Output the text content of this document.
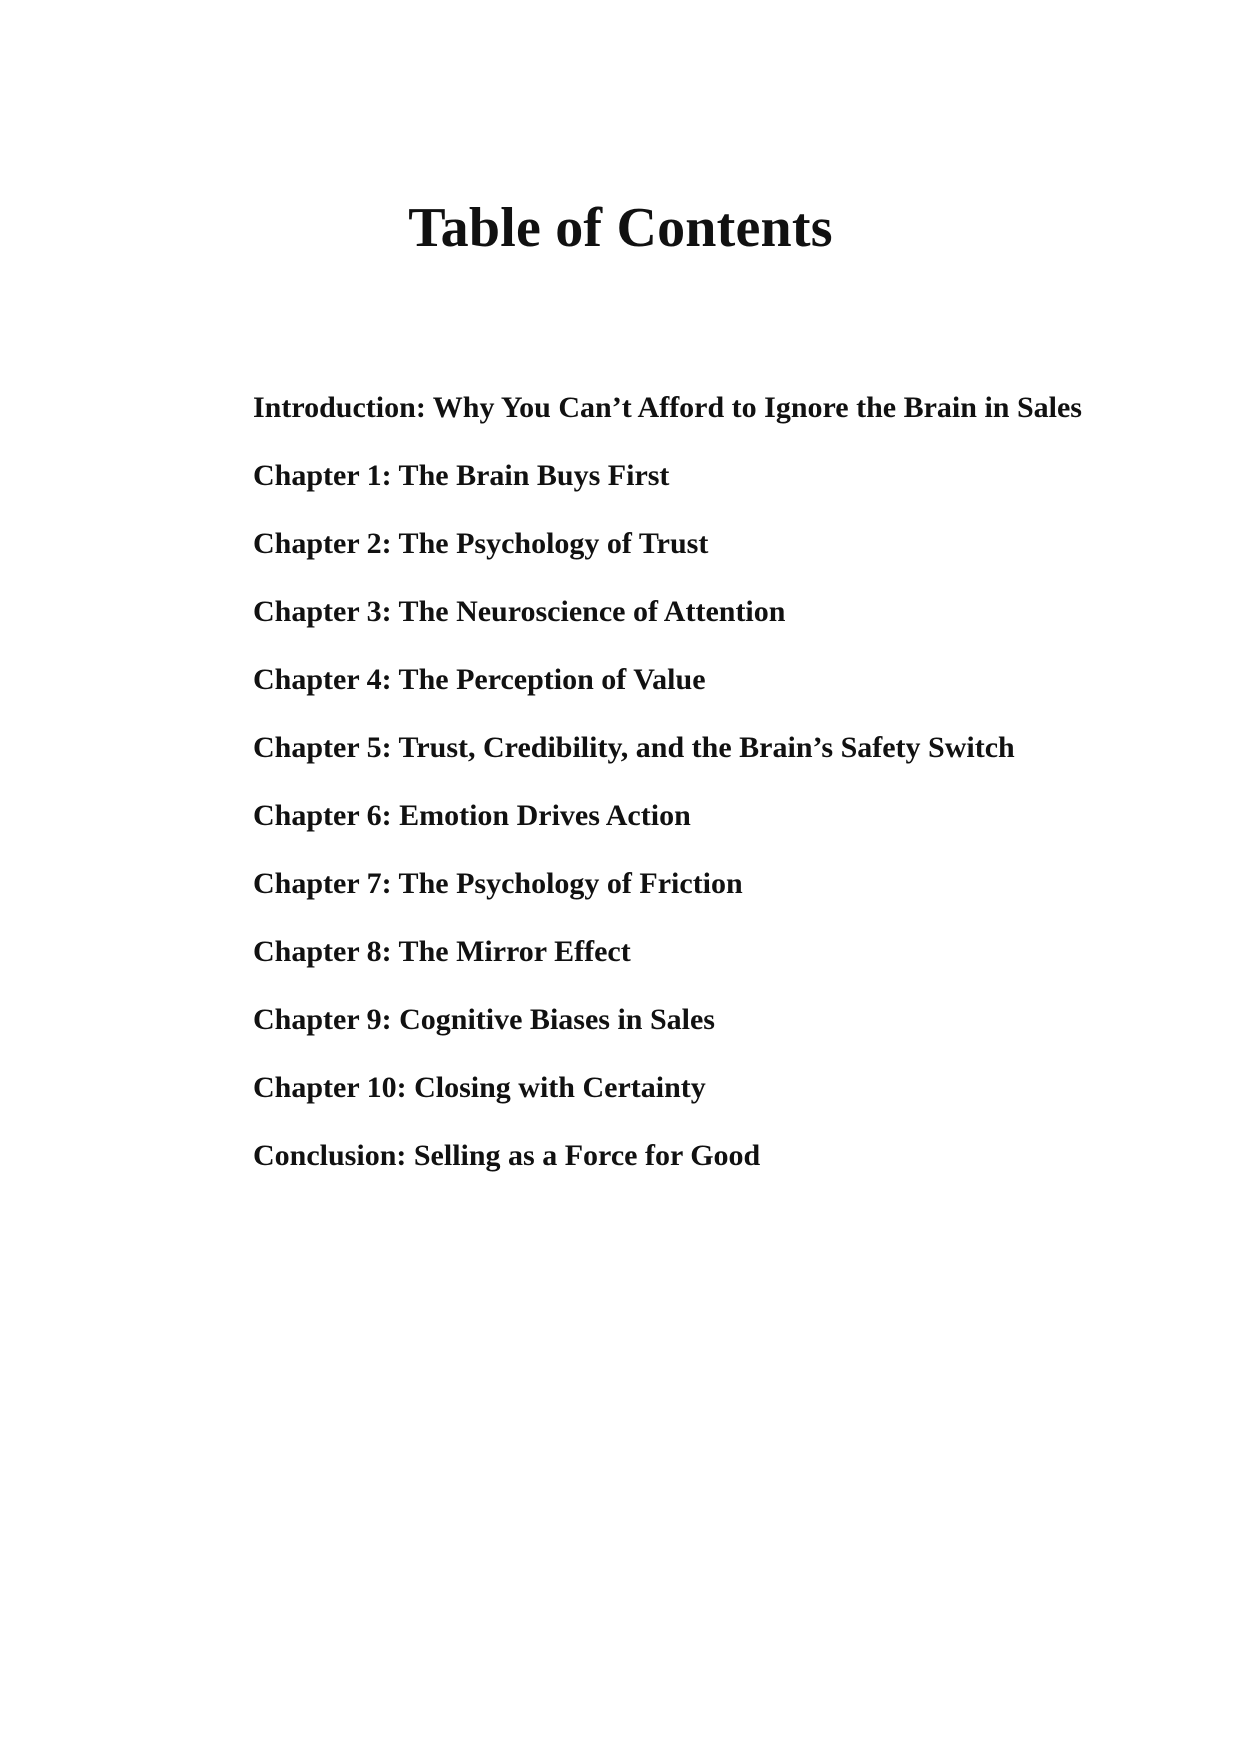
Table of Contents
Introduction: Why You Can’t Afford to Ignore the Brain in Sales
Chapter 1: The Brain Buys First
Chapter 2: The Psychology of Trust
Chapter 3: The Neuroscience of Attention
Chapter 4: The Perception of Value
Chapter 5: Trust, Credibility, and the Brain’s Safety Switch
Chapter 6: Emotion Drives Action
Chapter 7: The Psychology of Friction
Chapter 8: The Mirror Effect
Chapter 9: Cognitive Biases in Sales
Chapter 10: Closing with Certainty
Conclusion: Selling as a Force for Good
